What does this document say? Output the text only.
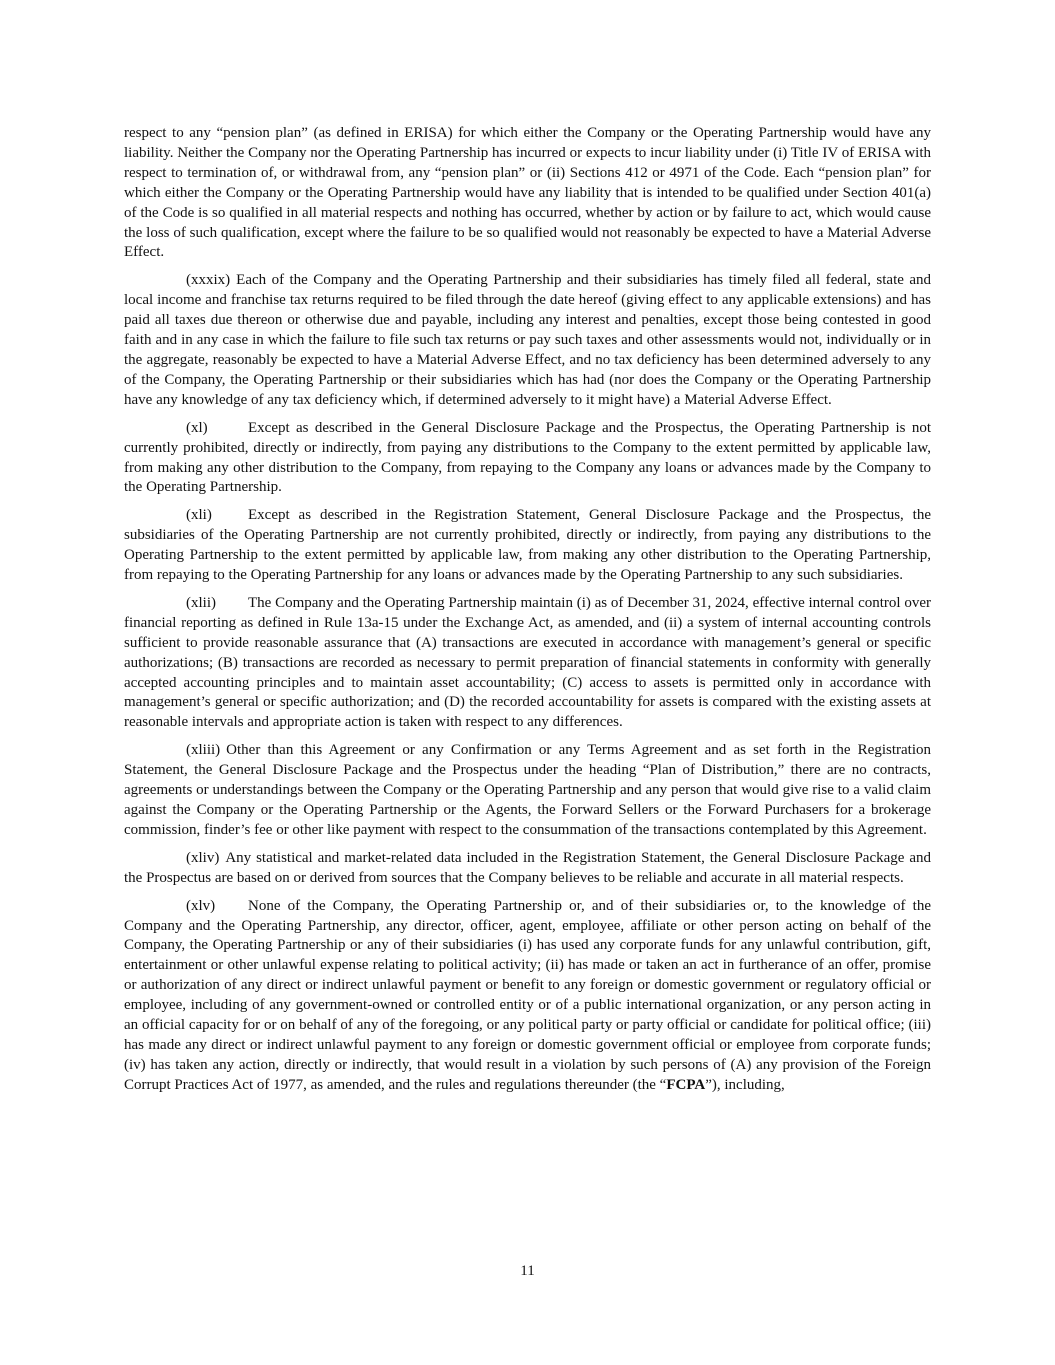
respect to any “pension plan” (as defined in ERISA) for which either the Company or the Operating Partnership would have any liability. Neither the Company nor the Operating Partnership has incurred or expects to incur liability under (i) Title IV of ERISA with respect to termination of, or withdrawal from, any “pension plan” or (ii) Sections 412 or 4971 of the Code. Each “pension plan” for which either the Company or the Operating Partnership would have any liability that is intended to be qualified under Section 401(a) of the Code is so qualified in all material respects and nothing has occurred, whether by action or by failure to act, which would cause the loss of such qualification, except where the failure to be so qualified would not reasonably be expected to have a Material Adverse Effect.

(xxxix) Each of the Company and the Operating Partnership and their subsidiaries has timely filed all federal, state and local income and franchise tax returns required to be filed through the date hereof (giving effect to any applicable extensions) and has paid all taxes due thereon or otherwise due and payable, including any interest and penalties, except those being contested in good faith and in any case in which the failure to file such tax returns or pay such taxes and other assessments would not, individually or in the aggregate, reasonably be expected to have a Material Adverse Effect, and no tax deficiency has been determined adversely to any of the Company, the Operating Partnership or their subsidiaries which has had (nor does the Company or the Operating Partnership have any knowledge of any tax deficiency which, if determined adversely to it might have) a Material Adverse Effect.

(xl)	Except as described in the General Disclosure Package and the Prospectus, the Operating Partnership is not currently prohibited, directly or indirectly, from paying any distributions to the Company to the extent permitted by applicable law, from making any other distribution to the Company, from repaying to the Company any loans or advances made by the Company to the Operating Partnership.

(xli) Except as described in the Registration Statement, General Disclosure Package and the Prospectus, the subsidiaries of the Operating Partnership are not currently prohibited, directly or indirectly, from paying any distributions to the Operating Partnership to the extent permitted by applicable law, from making any other distribution to the Operating Partnership, from repaying to the Operating Partnership for any loans or advances made by the Operating Partnership to any such subsidiaries.

(xlii) The Company and the Operating Partnership maintain (i) as of December 31, 2024, effective internal control over financial reporting as defined in Rule 13a-15 under the Exchange Act, as amended, and (ii) a system of internal accounting controls sufficient to provide reasonable assurance that (A) transactions are executed in accordance with management’s general or specific authorizations; (B) transactions are recorded as necessary to permit preparation of financial statements in conformity with generally accepted accounting principles and to maintain asset accountability; (C) access to assets is permitted only in accordance with management’s general or specific authorization; and (D) the recorded accountability for assets is compared with the existing assets at reasonable intervals and appropriate action is taken with respect to any differences.

(xliii) Other than this Agreement or any Confirmation or any Terms Agreement and as set forth in the Registration Statement, the General Disclosure Package and the Prospectus under the heading “Plan of Distribution,” there are no contracts, agreements or understandings between the Company or the Operating Partnership and any person that would give rise to a valid claim against the Company or the Operating Partnership or the Agents, the Forward Sellers or the Forward Purchasers for a brokerage commission, finder’s fee or other like payment with respect to the consummation of the transactions contemplated by this Agreement.

(xliv) Any statistical and market-related data included in the Registration Statement, the General Disclosure Package and the Prospectus are based on or derived from sources that the Company believes to be reliable and accurate in all material respects.

(xlv) None of the Company, the Operating Partnership or, and of their subsidiaries or, to the knowledge of the Company and the Operating Partnership, any director, officer, agent, employee, affiliate or other person acting on behalf of the Company, the Operating Partnership or any of their subsidiaries (i) has used any corporate funds for any unlawful contribution, gift, entertainment or other unlawful expense relating to political activity; (ii) has made or taken an act in furtherance of an offer, promise or authorization of any direct or indirect unlawful payment or benefit to any foreign or domestic government or regulatory official or employee, including of any government-owned or controlled entity or of a public international organization, or any person acting in an official capacity for or on behalf of any of the foregoing, or any political party or party official or candidate for political office; (iii) has made any direct or indirect unlawful payment to any foreign or domestic government official or employee from corporate funds; (iv) has taken any action, directly or indirectly, that would result in a violation by such persons of (A) any provision of the Foreign Corrupt Practices Act of 1977, as amended, and the rules and regulations thereunder (the “FCPA”), including,

11
